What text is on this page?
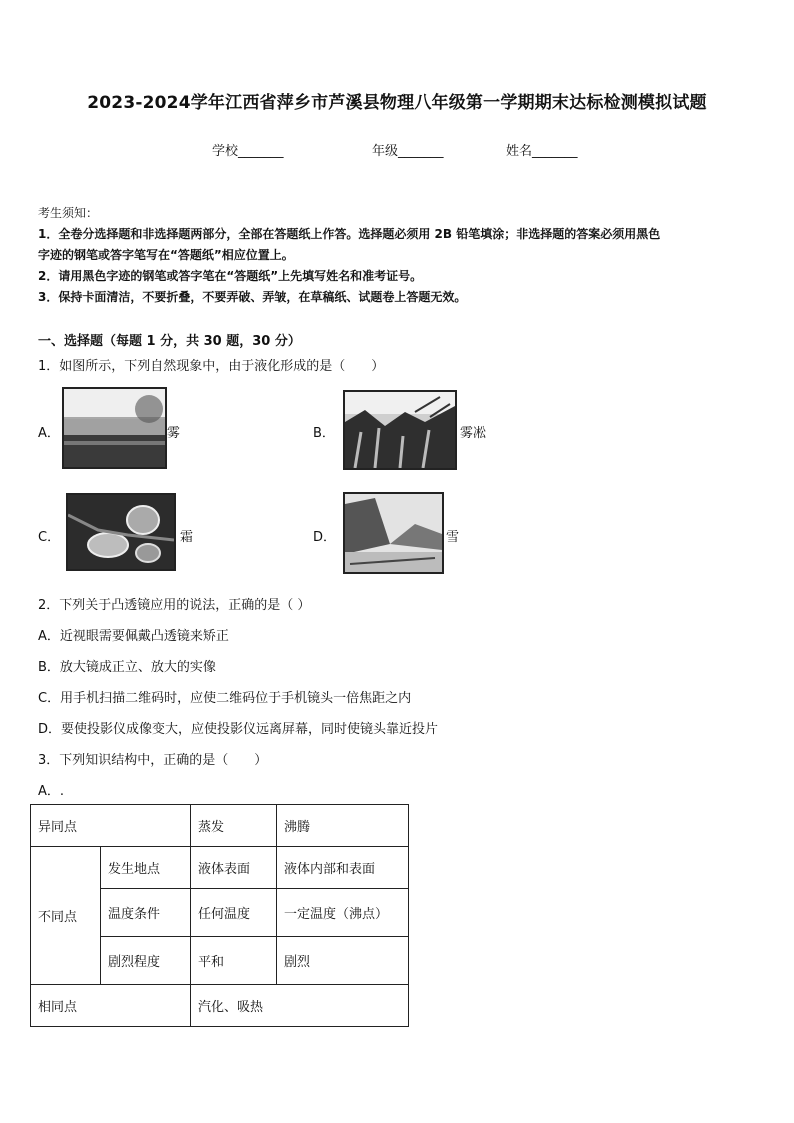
2023-2024学年江西省萍乡市芦溪县物理八年级第一学期期末达标检测模拟试题
学校_______	年级_______	姓名_______
考生须知：
1．全卷分选择题和非选择题两部分，全部在答题纸上作答。选择题必须用 2B 铅笔填涂；非选择题的答案必须用黑色
字迹的钢笔或答字笔写在“答题纸”相应位置上。
2．请用黑色字迹的钢笔或答字笔在“答题纸”上先填写姓名和准考证号。
3．保持卡面清洁，不要折叠，不要弄破、弄皱，在草稿纸、试题卷上答题无效。
一、选择题（每题 1 分，共 30 题，30 分）
1．如图所示，下列自然现象中，由于液化形成的是（　　）
A．	雾	B．	雾凇
C．	霜	D．	雪
2．下列关于凸透镜应用的说法，正确的是（ ）
A．近视眼需要佩戴凸透镜来矫正
B．放大镜成正立、放大的实像
C．用手机扫描二维码时，应使二维码位于手机镜头一倍焦距之内
D．要使投影仪成像变大，应使投影仪远离屏幕，同时使镜头靠近投片
3．下列知识结构中，正确的是（　　）
A．.
异同点		蒸发	沸腾
不同点	发生地点	液体表面	液体内部和表面
	温度条件	任何温度	一定温度（沸点）
	剧烈程度	平和	剧烈
相同点		汽化、吸热	
